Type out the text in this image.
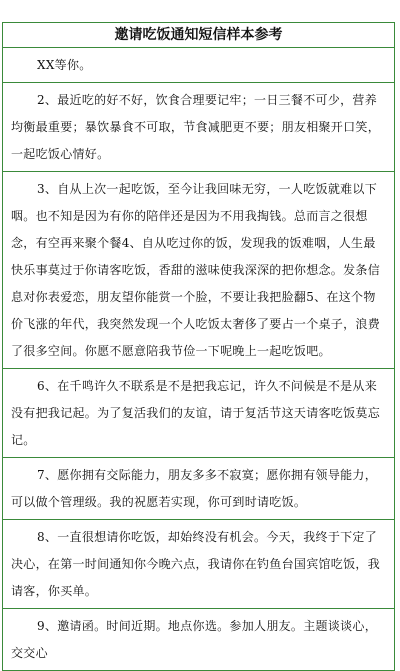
邀请吃饭通知短信样本参考
XX等你。
2、最近吃的好不好，饮食合理要记牢；一日三餐不可少，营养均衡最重要；暴饮暴食不可取，节食减肥更不要；朋友相聚开口笑，一起吃饭心情好。
3、自从上次一起吃饭，至今让我回味无穷，一人吃饭就难以下咽。也不知是因为有你的陪伴还是因为不用我掏钱。总而言之很想念，有空再来聚个餐4、自从吃过你的饭，发现我的饭难咽，人生最快乐事莫过于你请客吃饭，香甜的滋味使我深深的把你想念。发条信息对你表爱恋，朋友望你能赏一个脸，不要让我把脸翻5、在这个物价飞涨的年代，我突然发现一个人吃饭太奢侈了要占一个桌子，浪费了很多空间。你愿不愿意陪我节俭一下呢晚上一起吃饭吧。
6、在千鸣许久不联系是不是把我忘记，许久不问候是不是从来没有把我记起。为了复活我们的友谊，请于复活节这天请客吃饭莫忘记。
7、愿你拥有交际能力，朋友多多不寂寞；愿你拥有领导能力，可以做个管理级。我的祝愿若实现，你可到时请吃饭。
8、一直很想请你吃饭，却始终没有机会。今天，我终于下定了决心，在第一时间通知你今晚六点，我请你在钓鱼台国宾馆吃饭，我请客，你买单。
9、邀请函。时间近期。地点你选。参加人朋友。主题谈谈心，交交心
